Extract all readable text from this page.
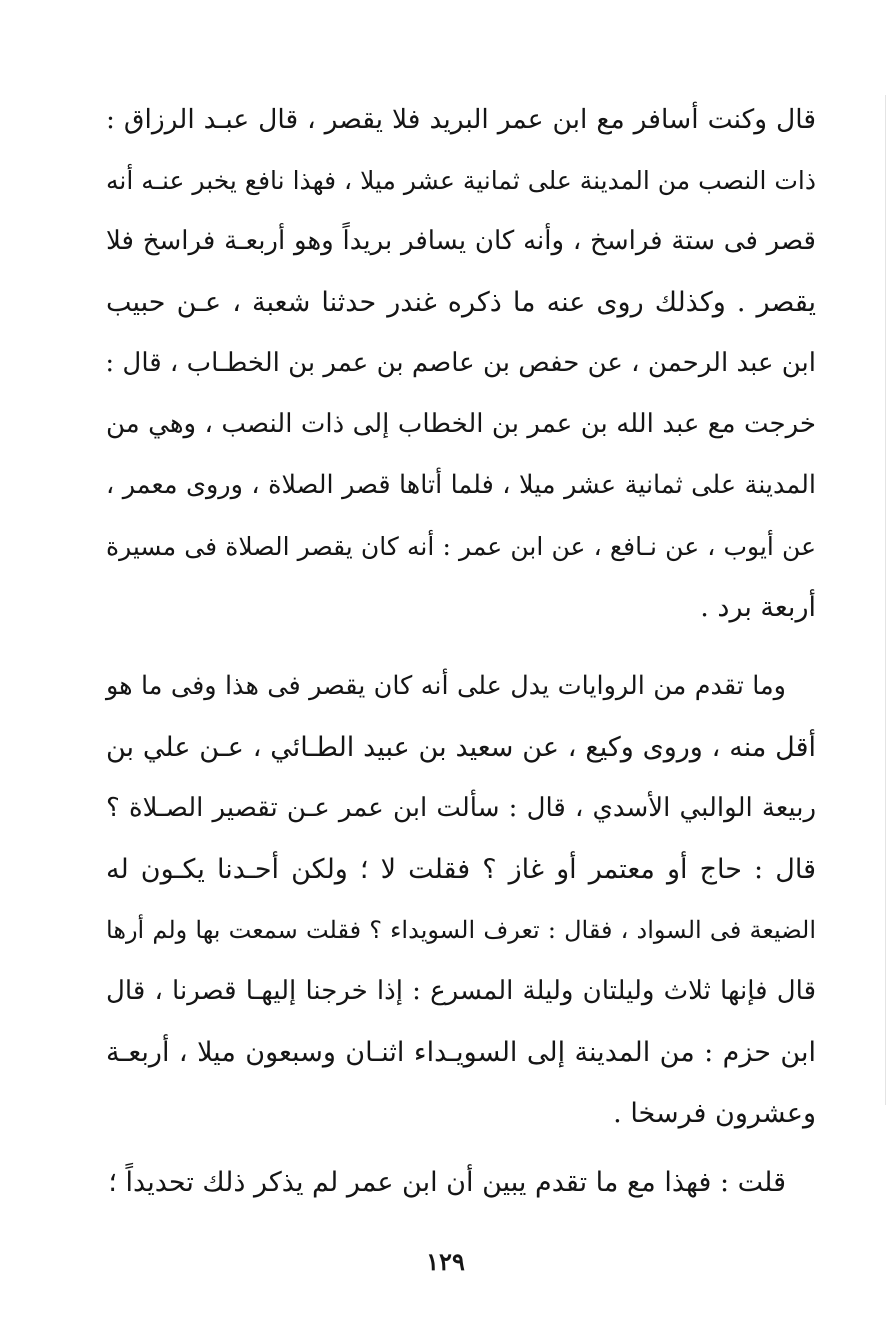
قال وكنت أسافر مع ابن عمر البريد فلا يقصر ، قال عبـد الرزاق :
ذات النصب من المدينة على ثمانية عشر ميلا ، فهذا نافع يخبر عنـه أنه
قصر فى ستة فراسخ ، وأنه كان يسافر بريداً وهو أربعـة فراسخ فلا
يقصر . وكذلك روى عنه ما ذكره غندر حدثنا شعبة ، عـن حبيب
ابن عبد الرحمن ، عن حفص بن عاصم بن عمر بن الخطـاب ، قال :
خرجت مع عبد الله بن عمر بن الخطاب إلى ذات النصب ، وهي من
المدينة على ثمانية عشر ميلا ، فلما أتاها قصر الصلاة ، وروى معمر ،
عن أيوب ، عن نـافع ، عن ابن عمر : أنه كان يقصر الصلاة فى مسيرة
أربعة برد .
وما تقدم من الروايات يدل على أنه كان يقصر فى هذا وفى ما هو
أقل منه ، وروى وكيع ، عن سعيد بن عبيد الطـائي ، عـن علي بن
ربيعة الوالبي الأسدي ، قال : سألت ابن عمر عـن تقصير الصـلاة ؟
قال : حاج أو معتمر أو غاز ؟ فقلت لا ؛ ولكن أحـدنا يكـون له
الضيعة فى السواد ، فقال : تعرف السويداء ؟ فقلت سمعت بها ولم أرها
قال فإنها ثلاث وليلتان وليلة المسرع : إذا خرجنا إليهـا قصرنا ، قال
ابن حزم : من المدينة إلى السويـداء اثنـان وسبعون ميلا ، أربعـة
وعشرون فرسخا .
قلت : فهذا مع ما تقدم يبين أن ابن عمر لم يذكر ذلك تحديداً ؛
١٢٩
